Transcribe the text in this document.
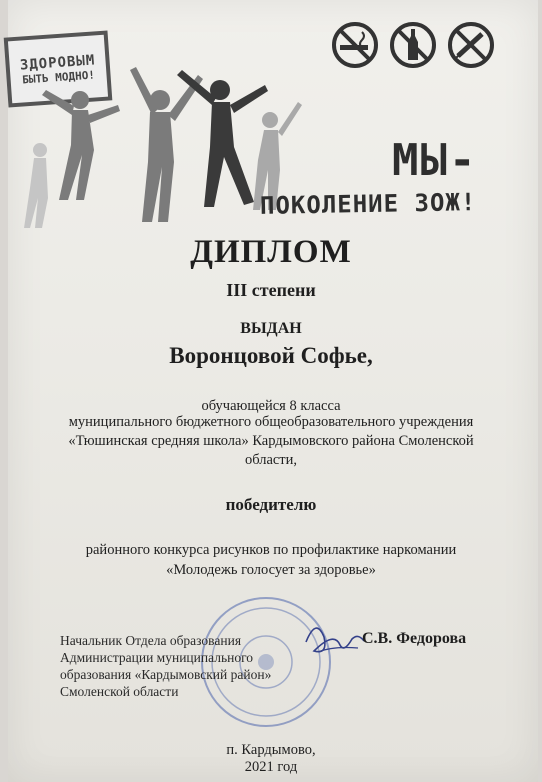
ЗДОРОВЫМ
БЫТЬ МОДНО!
МЫ-
ПОКОЛЕНИЕ ЗОЖ!
ДИПЛОМ
III степени
ВЫДАН
Воронцовой Софье,
обучающейся 8 класса
муниципального бюджетного общеобразовательного учреждения
«Тюшинская средняя школа» Кардымовского района Смоленской
области,
победителю
районного конкурса рисунков по профилактике наркомании
«Молодежь голосует за здоровье»
Начальник Отдела образования
Администрации муниципального
образования «Кардымовский район»
Смоленской области
С.В. Федорова
п. Кардымово,
2021 год
